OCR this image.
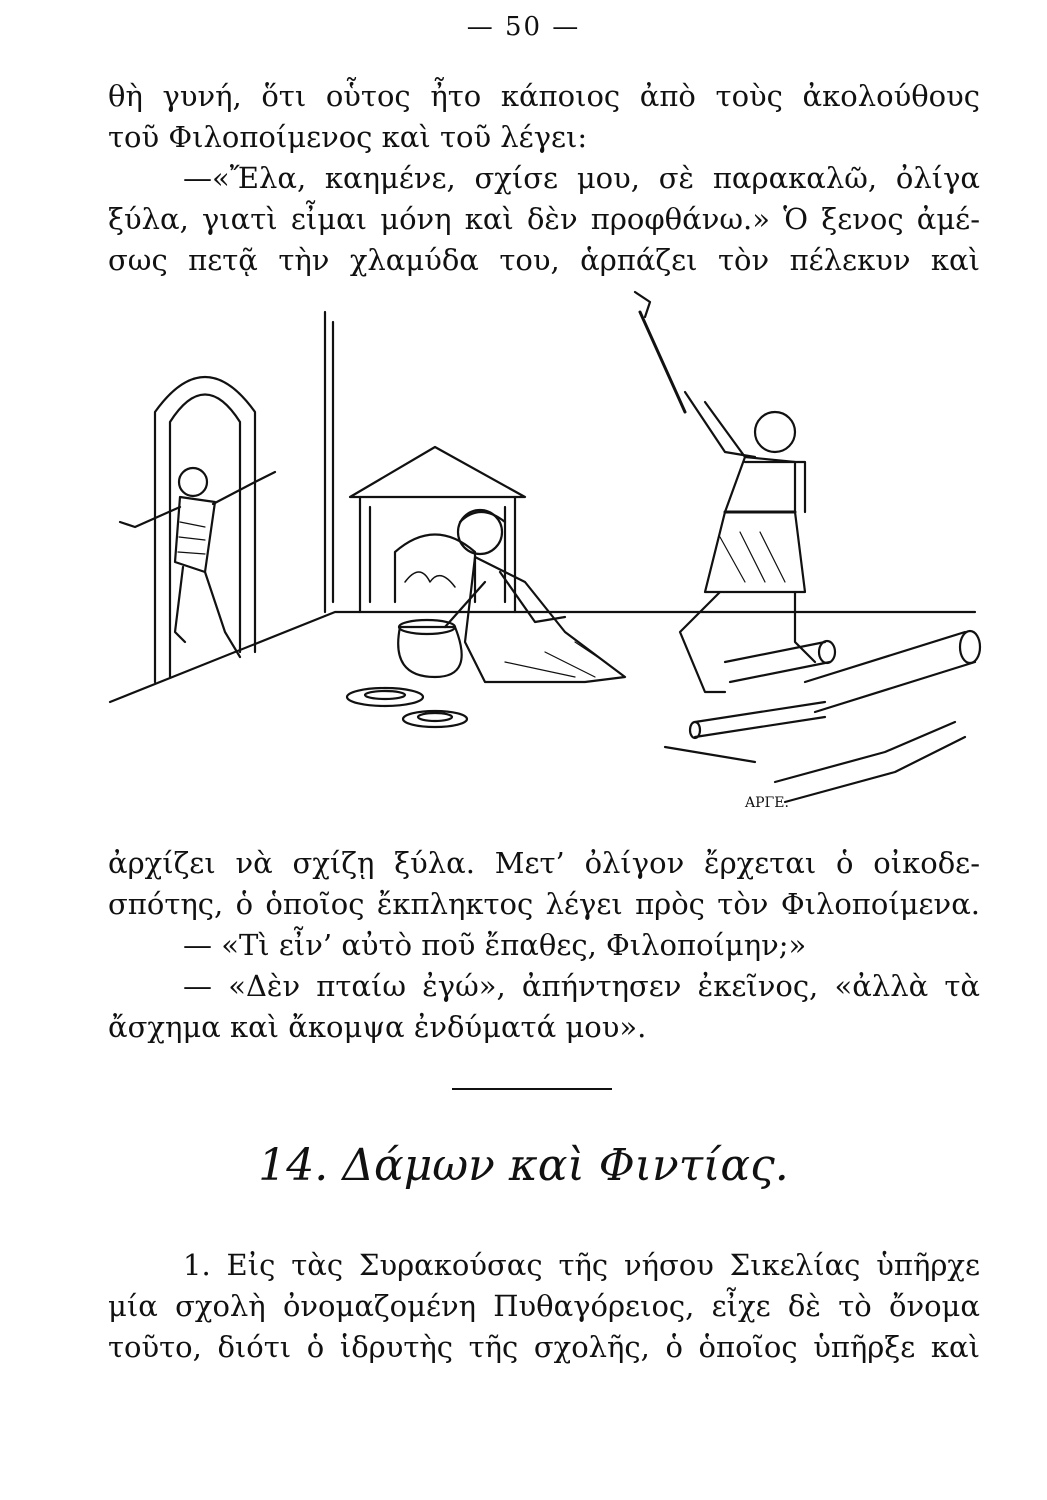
— 50 —
θὴ γυνή, ὅτι οὗτος ἦτο κάποιος ἀπὸ τοὺς ἀκολούθους
τοῦ Φιλοποίμενος καὶ τοῦ λέγει:
—«Ἔλα, καημένε, σχίσε μου, σὲ παρακαλῶ, ὀλίγα
ξύλα, γιατὶ εἶμαι μόνη καὶ δὲν προφθάνω.» Ὁ ξενος ἀμέ-
σως πετᾷ τὴν χλαμύδα του, ἁρπάζει τὸν πέλεκυν καὶ
ΑΡΓΕ.
ἀρχίζει νὰ σχίζῃ ξύλα. Μετ’ ὀλίγον ἔρχεται ὁ οἰκοδε-
σπότης, ὁ ὁποῖος ἔκπληκτος λέγει πρὸς τὸν Φιλοποίμενα.
— «Τὶ εἶν’ αὐτὸ ποῦ ἔπαθες, Φιλοποίμην;»
— «Δὲν πταίω ἐγώ», ἀπήντησεν ἐκεῖνος, «ἀλλὰ τὰ
ἄσχημα καὶ ἄκομψα ἐνδύματά μου».
14. Δάμων καὶ Φιντίας.
1. Εἰς τὰς Συρακούσας τῆς νήσου Σικελίας ὑπῆρχε
μία σχολὴ ὀνομαζομένη Πυθαγόρειος, εἶχε δὲ τὸ ὄνομα
τοῦτο, διότι ὁ ἱδρυτὴς τῆς σχολῆς, ὁ ὁποῖος ὑπῆρξε καὶ
